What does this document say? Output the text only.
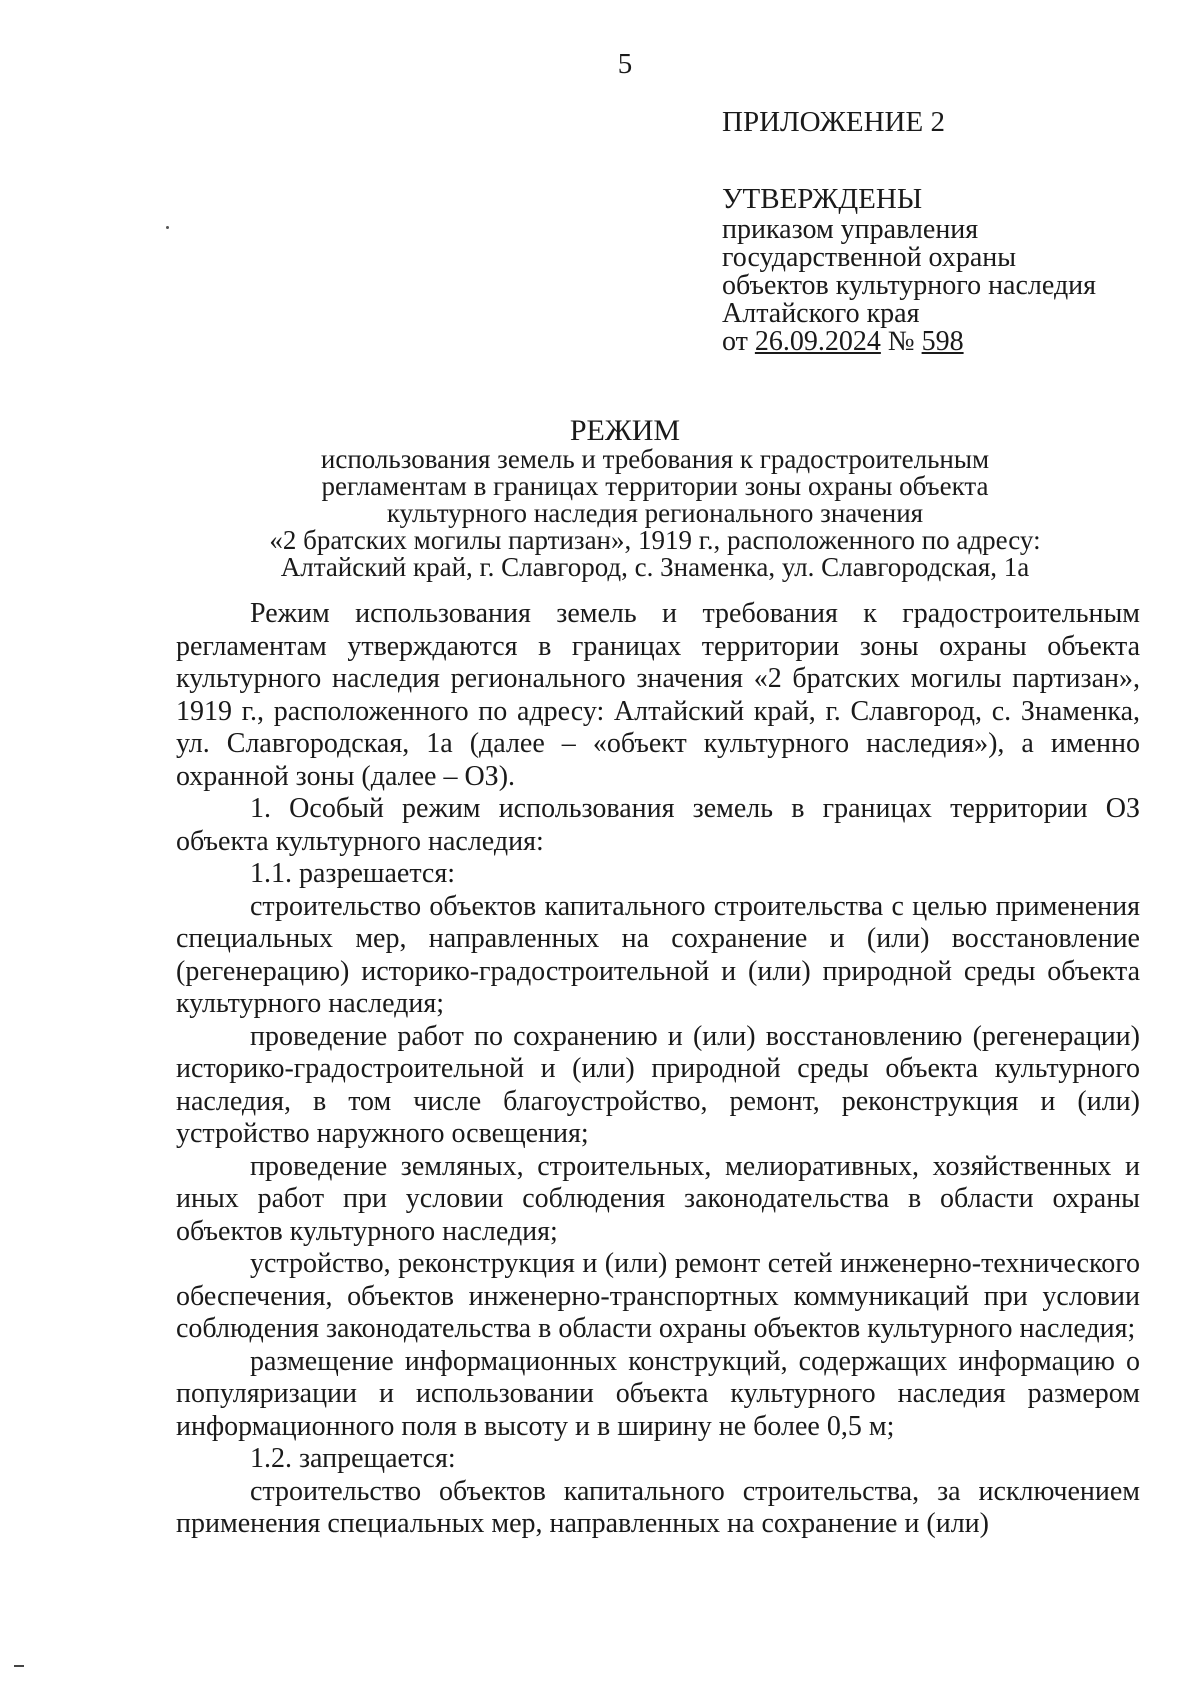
5

ПРИЛОЖЕНИЕ 2

УТВЕРЖДЕНЫ

приказом управления

государственной охраны

объектов культурного наследия

Алтайского края

от 26.09.2024 № 598

РЕЖИМ
использования земель и требования к градостроительным
регламентам в границах территории зоны охраны объекта
культурного наследия регионального значения
«2 братских могилы партизан», 1919 г., расположенного по адресу:
Алтайский край, г. Славгород, с. Знаменка, ул. Славгородская, 1а

Режим использования земель и требования к градостроительным регламентам утверждаются в границах территории зоны охраны объекта культурного наследия регионального значения «2 братских могилы партизан», 1919 г., расположенного по адресу: Алтайский край, г. Славгород, с. Знаменка, ул. Славгородская, 1а (далее – «объект культурного наследия»), а именно охранной зоны (далее – ОЗ).

1. Особый режим использования земель в границах территории ОЗ объекта культурного наследия:

1.1. разрешается:

строительство объектов капитального строительства с целью применения специальных мер, направленных на сохранение и (или) восстановление (регенерацию) историко-градостроительной и (или) природной среды объекта культурного наследия;

проведение работ по сохранению и (или) восстановлению (регенерации) историко-градостроительной и (или) природной среды объекта культурного наследия, в том числе благоустройство, ремонт, реконструкция и (или) устройство наружного освещения;

проведение земляных, строительных, мелиоративных, хозяйственных и иных работ при условии соблюдения законодательства в области охраны объектов культурного наследия;

устройство, реконструкция и (или) ремонт сетей инженерно-технического обеспечения, объектов инженерно-транспортных коммуникаций при условии соблюдения законодательства в области охраны объектов культурного наследия;

размещение информационных конструкций, содержащих информацию о популяризации и использовании объекта культурного наследия размером информационного поля в высоту и в ширину не более 0,5 м;

1.2. запрещается:

строительство объектов капитального строительства, за исключением применения специальных мер, направленных на сохранение и (или)
